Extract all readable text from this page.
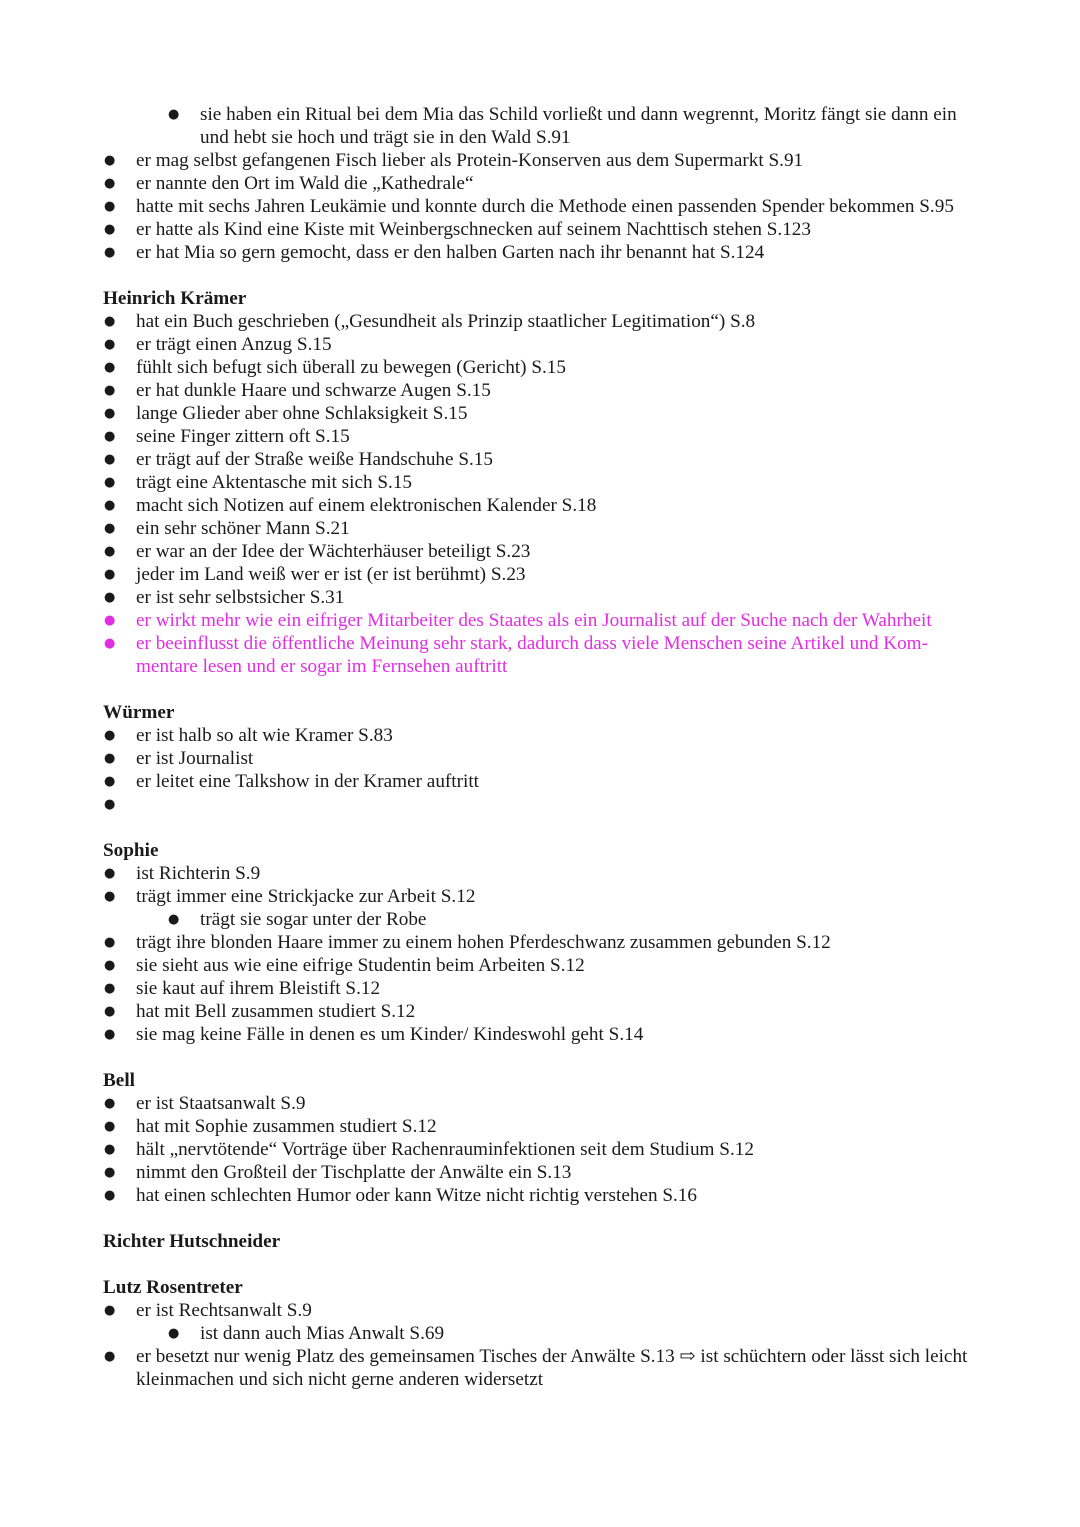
●	sie haben ein Ritual bei dem Mia das Schild vorließt und dann wegrennt, Moritz fängt sie dann ein und hebt sie hoch und trägt sie in den Wald S.91
●	er mag selbst gefangenen Fisch lieber als Protein-Konserven aus dem Supermarkt S.91
●	er nannte den Ort im Wald die „Kathedrale“
●	hatte mit sechs Jahren Leukämie und konnte durch die Methode einen passenden Spender bekommen S.95
●	er hatte als Kind eine Kiste mit Weinbergschnecken auf seinem Nachttisch stehen S.123
●	er hat Mia so gern gemocht, dass er den halben Garten nach ihr benannt hat S.124
Heinrich Krämer
●	hat ein Buch geschrieben („Gesundheit als Prinzip staatlicher Legitimation“) S.8
●	er trägt einen Anzug S.15
●	fühlt sich befugt sich überall zu bewegen (Gericht) S.15
●	er hat dunkle Haare und schwarze Augen S.15
●	lange Glieder aber ohne Schlaksigkeit S.15
●	seine Finger zittern oft S.15
●	er trägt auf der Straße weiße Handschuhe S.15
●	trägt eine Aktentasche mit sich S.15
●	macht sich Notizen auf einem elektronischen Kalender S.18
●	ein sehr schöner Mann S.21
●	er war an der Idee der Wächterhäuser beteiligt S.23
●	jeder im Land weiß wer er ist (er ist berühmt) S.23
●	er ist sehr selbstsicher S.31
●	er wirkt mehr wie ein eifriger Mitarbeiter des Staates als ein Journalist auf der Suche nach der Wahrheit
●	er beeinflusst die öffentliche Meinung sehr stark, dadurch dass viele Menschen seine Artikel und Kom-mentare lesen und er sogar im Fernsehen auftritt
Würmer
●	er ist halb so alt wie Kramer S.83
●	er ist Journalist
●	er leitet eine Talkshow in der Kramer auftritt
●
Sophie
●	ist Richterin S.9
●	trägt immer eine Strickjacke zur Arbeit S.12
●	trägt sie sogar unter der Robe
●	trägt ihre blonden Haare immer zu einem hohen Pferdeschwanz zusammen gebunden S.12
●	sie sieht aus wie eine eifrige Studentin beim Arbeiten S.12
●	sie kaut auf ihrem Bleistift S.12
●	hat mit Bell zusammen studiert S.12
●	sie mag keine Fälle in denen es um Kinder/ Kindeswohl geht S.14
Bell
●	er ist Staatsanwalt S.9
●	hat mit Sophie zusammen studiert S.12
●	hält „nervtötende“ Vorträge über Rachenrauminfektionen seit dem Studium S.12
●	nimmt den Großteil der Tischplatte der Anwälte ein S.13
●	hat einen schlechten Humor oder kann Witze nicht richtig verstehen S.16
Richter Hutschneider
Lutz Rosentreter
●	er ist Rechtsanwalt S.9
●	ist dann auch Mias Anwalt S.69
●	er besetzt nur wenig Platz des gemeinsamen Tisches der Anwälte S.13 ⇨ ist schüchtern oder lässt sich leicht kleinmachen und sich nicht gerne anderen widersetzt
